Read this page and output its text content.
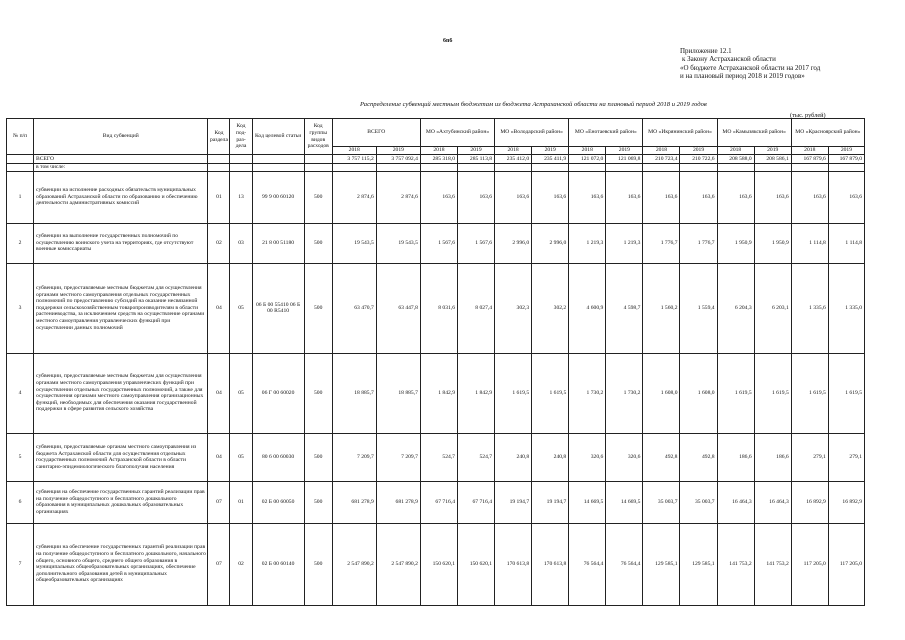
6n6
Приложение 12.1
к Закону Астраханской области
«О бюджете Астраханской области на 2017 год
и на плановый период 2018 и 2019 годов»
Распределение субвенций местным бюджетам из бюджета Астраханской области на плановый период 2018 и 2019 годов
(тыс. рублей)
№ п/п	Вид субвенций	Код раздела	Код под-раз-дела	Код целевой статьи	Код группы видов расходов	ВСЕГО		МО «Ахтубинский район»		МО «Володарский район»		МО «Енотаевский район»		МО «Икрянинский район»		МО «Камызякский район»		МО «Красноярский район»	
						2018	2019	2018	2019	2018	2019	2018	2019	2018	2019	2018	2019	2018	2019
	ВСЕГО					3 757 115,2	3 757 092,4	285 318,0	285 113,8	235 412,0	235 411,9	121 072,0	121 069,8	210 723,4	210 722,6	208 588,0	208 586,1	167 879,6	167 879,0
	в том числе:																		
1	субвенции на исполнение расходных обязательств муниципальных образований Астраханской области по образованию и обеспечению деятельности административных комиссий	01	13	99 9 00 60120	500	2 874,6	2 874,6	163,6	163,6	163,6	163,6	163,6	163,6	163,6	163,6	163,6	163,6	163,6	163,6
2	субвенции на выполнение государственных полномочий по осуществлению воинского учета на территориях, где отсутствуют военные комиссариаты	02	03	21 8 00 51180	500	19 543,5	19 543,5	1 567,6	1 567,6	2 996,0	2 996,0	1 219,3	1 219,3	1 776,7	1 776,7	1 950,9	1 950,9	1 114,8	1 114,8
3	субвенции, предоставляемые местным бюджетам для осуществления органами местного самоуправления отдельных государственных полномочий по предоставлению субсидий на оказание несвязанной поддержки сельскохозяйственным товаропроизводителям в области растениеводства, за исключением средств на осуществление органами местного самоуправления управленческих функций при осуществлении данных полномочий	04	05	06 Б 00 55410 06 Б 00 R5410	500	63 470,7	63 447,8	8 031,6	8 027,4	302,3	302,2	4 600,9	4 598,7	1 560,2	1 559,4	6 204,3	6 203,1	1 335,6	1 335,0
4	субвенции, предоставляемые местным бюджетам для осуществления органами местного самоуправления управленческих функций при осуществлении отдельных государственных полномочий, а также для осуществления органами местного самоуправления организационных функций, необходимых для обеспечения оказания государственной поддержки в сфере развития сельского хозяйства	04	05	06 Г 00 60020	500	18 885,7	18 885,7	1 842,9	1 842,9	1 619,5	1 619,5	1 730,2	1 730,2	1 608,0	1 608,0	1 619,5	1 619,5	1 619,5	1 619,5
5	субвенции, предоставляемые органам местного самоуправления из бюджета Астраханской области для осуществления отдельных государственных полномочий Астраханской области в области санитарно-эпидемиологического благополучия населения	04	05	80 6 00 60030	500	7 209,7	7 209,7	524,7	524,7	240,8	240,8	320,6	320,6	492,8	492,8	186,6	186,6	279,1	279,1
6	субвенция на обеспечение государственных гарантий реализации прав на получение общедоступного и бесплатного дошкольного образования в муниципальных дошкольных образовательных организациях	07	01	02 Б 00 60050	500	681 278,9	681 278,9	67 716,4	67 716,4	19 194,7	19 194,7	14 669,5	14 669,5	35 003,7	35 003,7	16 464,3	16 464,3	16 892,9	16 892,9
7	субвенции на обеспечение государственных гарантий реализации прав на получение общедоступного и бесплатного дошкольного, начального общего, основного общего, среднего общего образования в муниципальных общеобразовательных организациях, обеспечение дополнительного образования детей в муниципальных общеобразовательных организациях	07	02	02 Б 00 60140	500	2 547 890,2	2 547 890,2	150 620,1	150 620,1	170 613,8	170 613,8	76 564,4	76 564,4	129 585,1	129 585,1	141 753,2	141 753,2	117 205,0	117 205,0
